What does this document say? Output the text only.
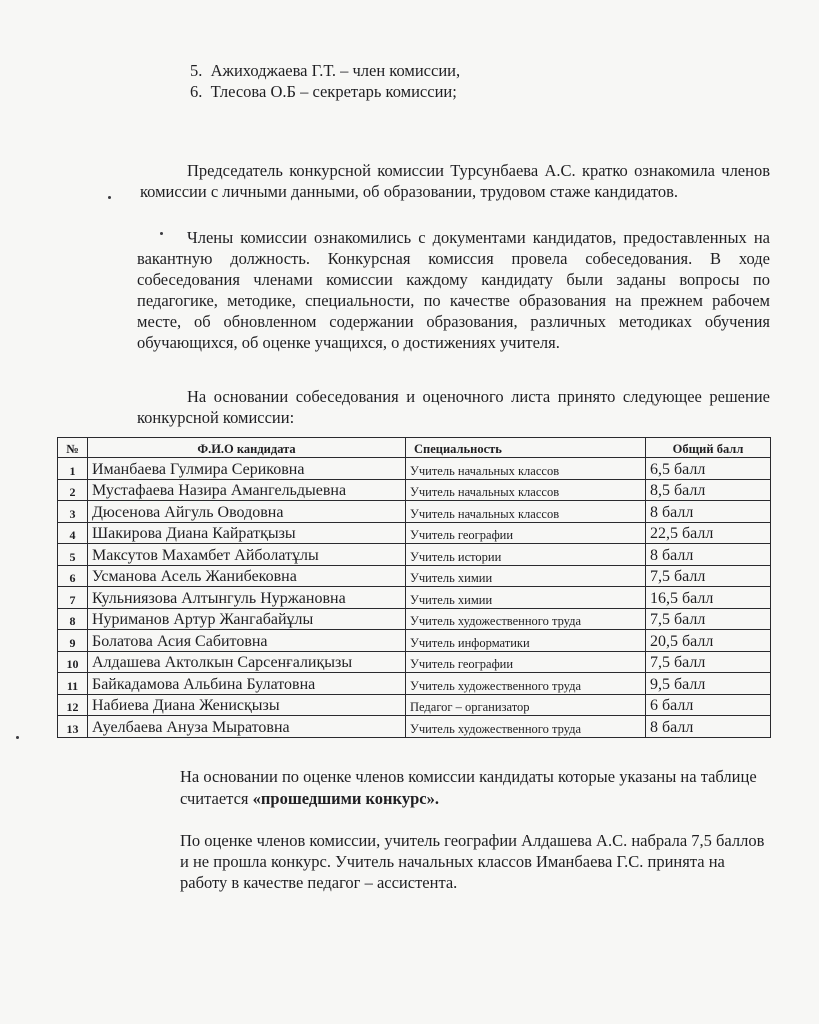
5. Ажиходжаева Г.Т. – член комиссии,
6. Тлесова О.Б – секретарь комиссии;
Председатель конкурсной комиссии Турсунбаева А.С. кратко ознакомила членов комиссии с личными данными, об образовании, трудовом стаже кандидатов.
Члены комиссии ознакомились с документами кандидатов, предоставленных на вакантную должность. Конкурсная комиссия провела собеседования. В ходе собеседования членами комиссии каждому кандидату были заданы вопросы по педагогике, методике, специальности, по качестве образования на прежнем рабочем месте, об обновленном содержании образования, различных методиках обучения обучающихся, об оценке учащихся, о достижениях учителя.
На основании собеседования и оценочного листа принято следующее решение конкурсной комиссии:
№	Ф.И.О кандидата	Специальность	Общий балл
1	Иманбаева Гулмира Сериковна	Учитель начальных классов	6,5 балл
2	Мустафаева Назира Амангельдыевна	Учитель начальных классов	8,5 балл
3	Дюсенова Айгуль Оводовна	Учитель начальных классов	8 балл
4	Шакирова Диана Кайратқызы	Учитель географии	22,5 балл
5	Максутов Махамбет Айболатұлы	Учитель истории	8 балл
6	Усманова Асель Жанибековна	Учитель химии	7,5 балл
7	Кульниязова Алтынгуль Нуржановна	Учитель химии	16,5 балл
8	Нуриманов Артур Жангабайұлы	Учитель художественного труда	7,5 балл
9	Болатова Асия Сабитовна	Учитель информатики	20,5 балл
10	Алдашева Актолкын Сарсенғалиқызы	Учитель географии	7,5 балл
11	Байкадамова Альбина Булатовна	Учитель художественного труда	9,5 балл
12	Набиева Диана Женисқызы	Педагог – организатор	6 балл
13	Ауелбаева Ануза Мыратовна	Учитель художественного труда	8 балл
На основании по оценке членов комиссии кандидаты которые указаны на таблице считается «прошедшими конкурс».
По оценке членов комиссии, учитель географии Алдашева А.С. набрала 7,5 баллов и не прошла конкурс. Учитель начальных классов Иманбаева Г.С. принята на работу в качестве педагог – ассистента.
